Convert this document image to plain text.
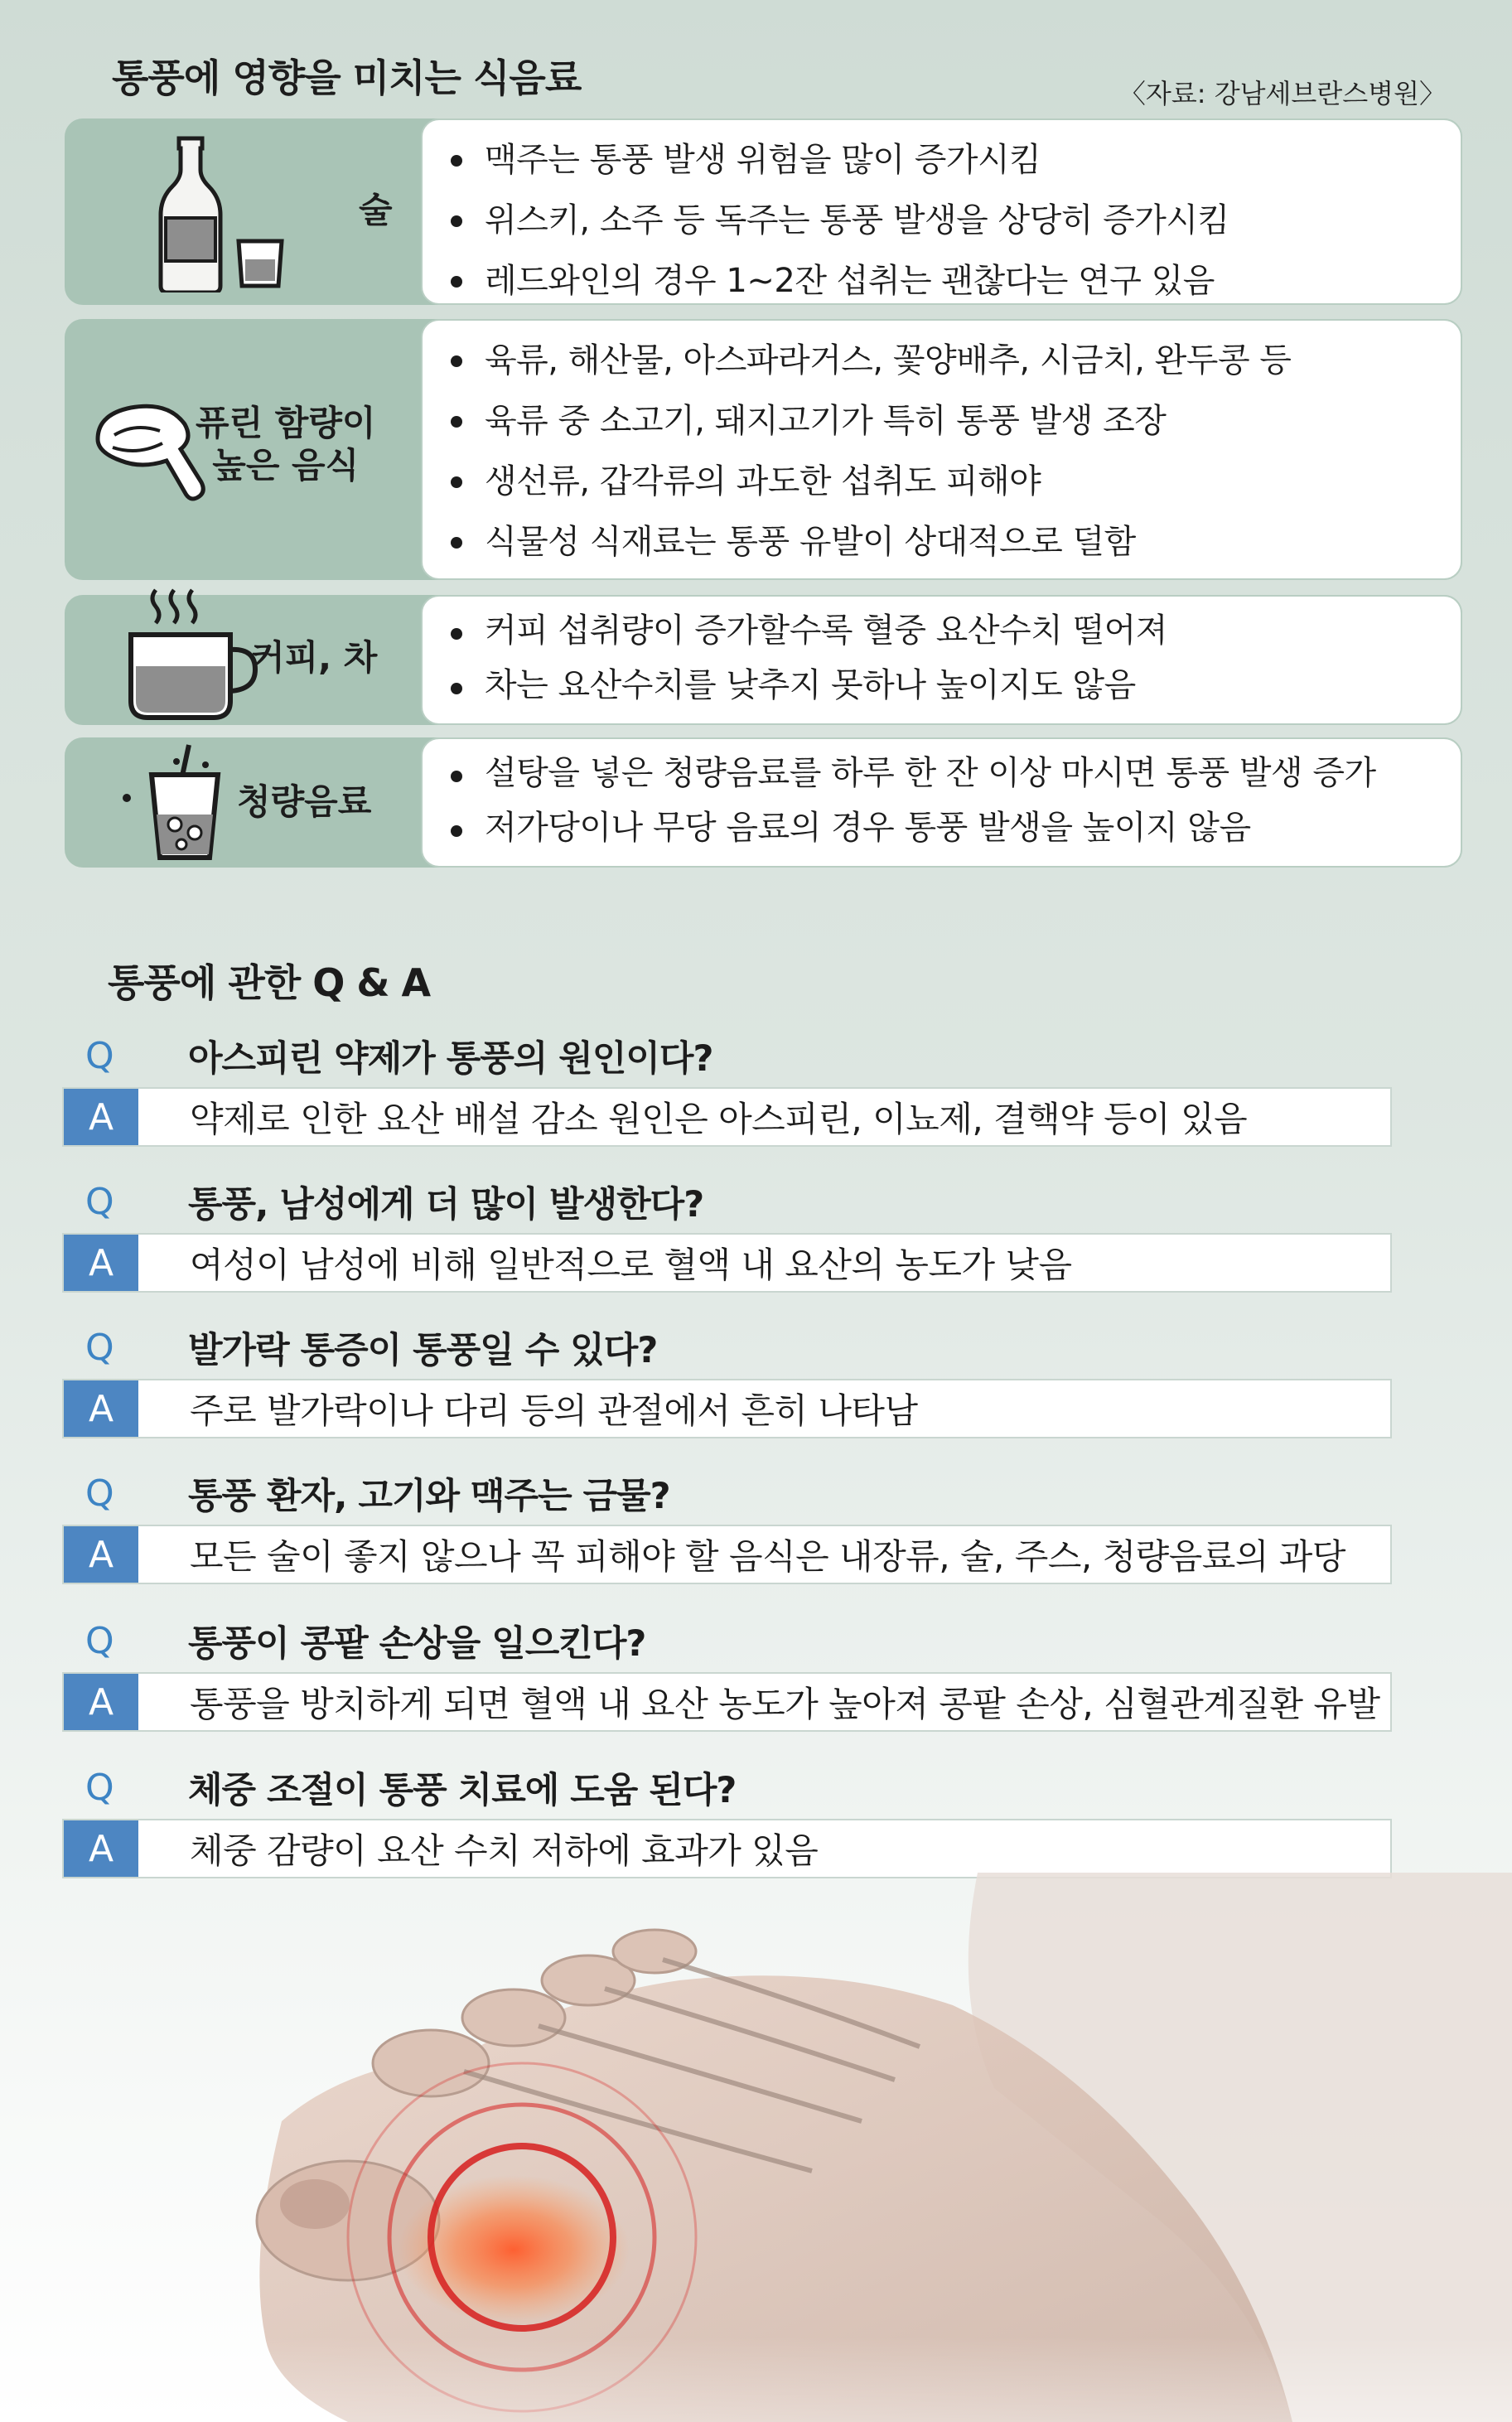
통풍에 영향을 미치는 식음료	〈자료: 강남세브란스병원〉
술
맥주는 통풍 발생 위험을 많이 증가시킴
위스키, 소주 등 독주는 통풍 발생을 상당히 증가시킴
레드와인의 경우 1~2잔 섭취는 괜찮다는 연구 있음
퓨린 함량이
높은 음식
육류, 해산물, 아스파라거스, 꽃양배추, 시금치, 완두콩 등
육류 중 소고기, 돼지고기가 특히 통풍 발생 조장
생선류, 갑각류의 과도한 섭취도 피해야
식물성 식재료는 통풍 유발이 상대적으로 덜함
커피, 차
커피 섭취량이 증가할수록 혈중 요산수치 떨어져
차는 요산수치를 낮추지 못하나 높이지도 않음
청량음료
설탕을 넣은 청량음료를 하루 한 잔 이상 마시면 통풍 발생 증가
저가당이나 무당 음료의 경우 통풍 발생을 높이지 않음
통풍에 관한 Q & A
Q	아스피린 약제가 통풍의 원인이다?
A	약제로 인한 요산 배설 감소 원인은 아스피린, 이뇨제, 결핵약 등이 있음
Q	통풍, 남성에게 더 많이 발생한다?
A	여성이 남성에 비해 일반적으로 혈액 내 요산의 농도가 낮음
Q	발가락 통증이 통풍일 수 있다?
A	주로 발가락이나 다리 등의 관절에서 흔히 나타남
Q	통풍 환자, 고기와 맥주는 금물?
A	모든 술이 좋지 않으나 꼭 피해야 할 음식은 내장류, 술, 주스, 청량음료의 과당
Q	통풍이 콩팥 손상을 일으킨다?
A	통풍을 방치하게 되면 혈액 내 요산 농도가 높아져 콩팥 손상, 심혈관계질환 유발
Q	체중 조절이 통풍 치료에 도움 된다?
A	체중 감량이 요산 수치 저하에 효과가 있음
